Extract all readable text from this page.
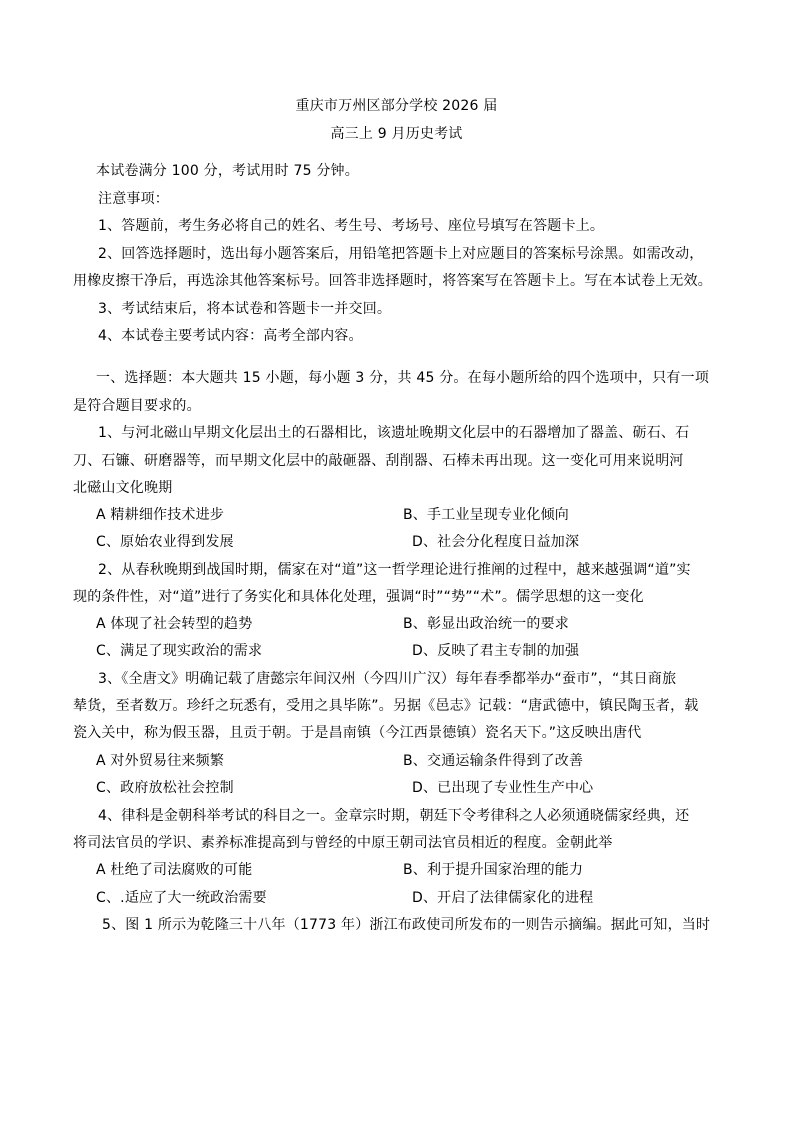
重庆市万州区部分学校 2026 届
高三上 9 月历史考试
本试卷满分 100 分，考试用时 75 分钟。
注意事项：
1、答题前，考生务必将自己的姓名、考生号、考场号、座位号填写在答题卡上。
2、回答选择题时，选出每小题答案后，用铅笔把答题卡上对应题目的答案标号涂黑。如需改动，
用橡皮擦干净后，再选涂其他答案标号。回答非选择题时，将答案写在答题卡上。写在本试卷上无效。
3、考试结束后，将本试卷和答题卡一并交回。
4、本试卷主要考试内容：高考全部内容。
一、选择题：本大题共 15 小题，每小题 3 分，共 45 分。在每小题所给的四个选项中，只有一项
是符合题目要求的。
1、与河北磁山早期文化层出土的石器相比，该遗址晚期文化层中的石器增加了器盖、砺石、石
刀、石镰、研磨器等，而早期文化层中的敲砸器、刮削器、石棒未再出现。这一变化可用来说明河
北磁山文化晚期
A 精耕细作技术进步	B、手工业呈现专业化倾向
C、原始农业得到发展	D、社会分化程度日益加深
2、从春秋晚期到战国时期，儒家在对“道”这一哲学理论进行推阐的过程中，越来越强调“道”实
现的条件性，对“道”进行了务实化和具体化处理，强调“时”“势”“术”。儒学思想的这一变化
A 体现了社会转型的趋势	B、彰显出政治统一的要求
C、满足了现实政治的需求	D、反映了君主专制的加强
3、《全唐文》明确记载了唐懿宗年间汉州（今四川广汉）每年春季都举办“蚕市”，“其日商旅
辇货，至者数万。珍纤之玩悉有，受用之具毕陈”。另据《邑志》记载：“唐武德中，镇民陶玉者，载
瓷入关中，称为假玉器，且贡于朝。于是昌南镇（今江西景德镇）瓷名天下。”这反映出唐代
A 对外贸易往来频繁	B、交通运输条件得到了改善
C、政府放松社会控制	D、已出现了专业性生产中心
4、律科是金朝科举考试的科目之一。金章宗时期，朝廷下令考律科之人必须通晓儒家经典，还
将司法官员的学识、素养标准提高到与曾经的中原王朝司法官员相近的程度。金朝此举
A 杜绝了司法腐败的可能	B、利于提升国家治理的能力
C、.适应了大一统政治需要	D、开启了法律儒家化的进程
5、图 1 所示为乾隆三十八年（1773 年）浙江布政使司所发布的一则告示摘编。据此可知，当时
